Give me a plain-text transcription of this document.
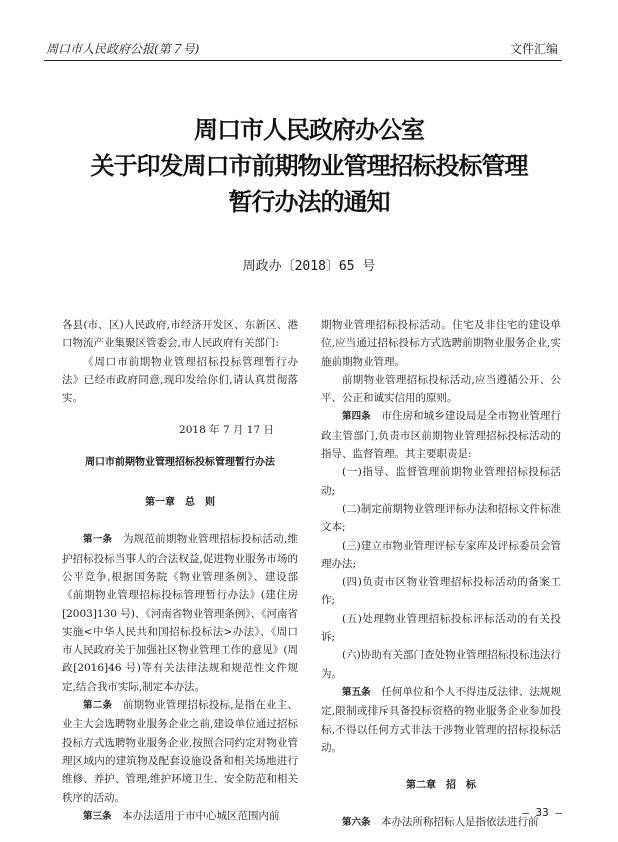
周口市人民政府公报(第７号)	文件汇编
周口市人民政府办公室
关于印发周口市前期物业管理招标投标管理
暂行办法的通知
周政办〔2018〕65 号

各县(市、区)人民政府,市经济开发区、东新区、港口物流产业集聚区管委会,市人民政府有关部门:

《周口市前期物业管理招标投标管理暂行办法》已经市政府同意,现印发给你们,请认真贯彻落实。

2018 年 7 月 17 日

周口市前期物业管理招标投标管理暂行办法

第一章　总　则

第一条　 为规范前期物业管理招标投标活动,维护招标投标当事人的合法权益,促进物业服务市场的公平竞争,根据国务院《物业管理条例》、建设部《前期物业管理招标投标管理暂行办法》(建住房[2003]130 号)、《河南省物业管理条例》、《河南省实施<中华人民共和国招标投标法>办法》、《周口市人民政府关于加强社区物业管理工作的意见》(周政[2016]46 号)等有关法律法规和规范性文件规定,结合我市实际,制定本办法。

第二条　 前期物业管理招标投标,是指在业主、业主大会选聘物业服务企业之前,建设单位通过招标投标方式选聘物业服务企业,按照合同约定对物业管理区域内的建筑物及配套设施设备和相关场地进行维修、养护、管理,维护环境卫生、安全防范和相关秩序的活动。

第三条　 本办法适用于市中心城区范围内前

期物业管理招标投标活动。住宅及非住宅的建设单位,应当通过招标投标方式选聘前期物业服务企业,实施前期物业管理。

前期物业管理招标投标活动,应当遵循公开、公平、公正和诚实信用的原则。

第四条　 市住房和城乡建设局是全市物业管理行政主管部门,负责市区前期物业管理招标投标活动的指导、监督管理。其主要职责是:

(一)指导、监督管理前期物业管理招标投标活动;

(二)制定前期物业管理评标办法和招标文件标准文本;

(三)建立市物业管理评标专家库及评标委员会管理办法;

(四)负责市区物业管理招标投标活动的备案工作;

(五)处理物业管理招标投标评标活动的有关投诉;

(六)协助有关部门查处物业管理招标投标违法行为。

第五条　 任何单位和个人不得违反法律、法规规定,限制或排斥具备投标资格的物业服务企业参加投标,不得以任何方式非法干涉物业管理的招标投标活动。

第二章　招　标

第六条　 本办法所称招标人是指依法进行前

– 33 –
